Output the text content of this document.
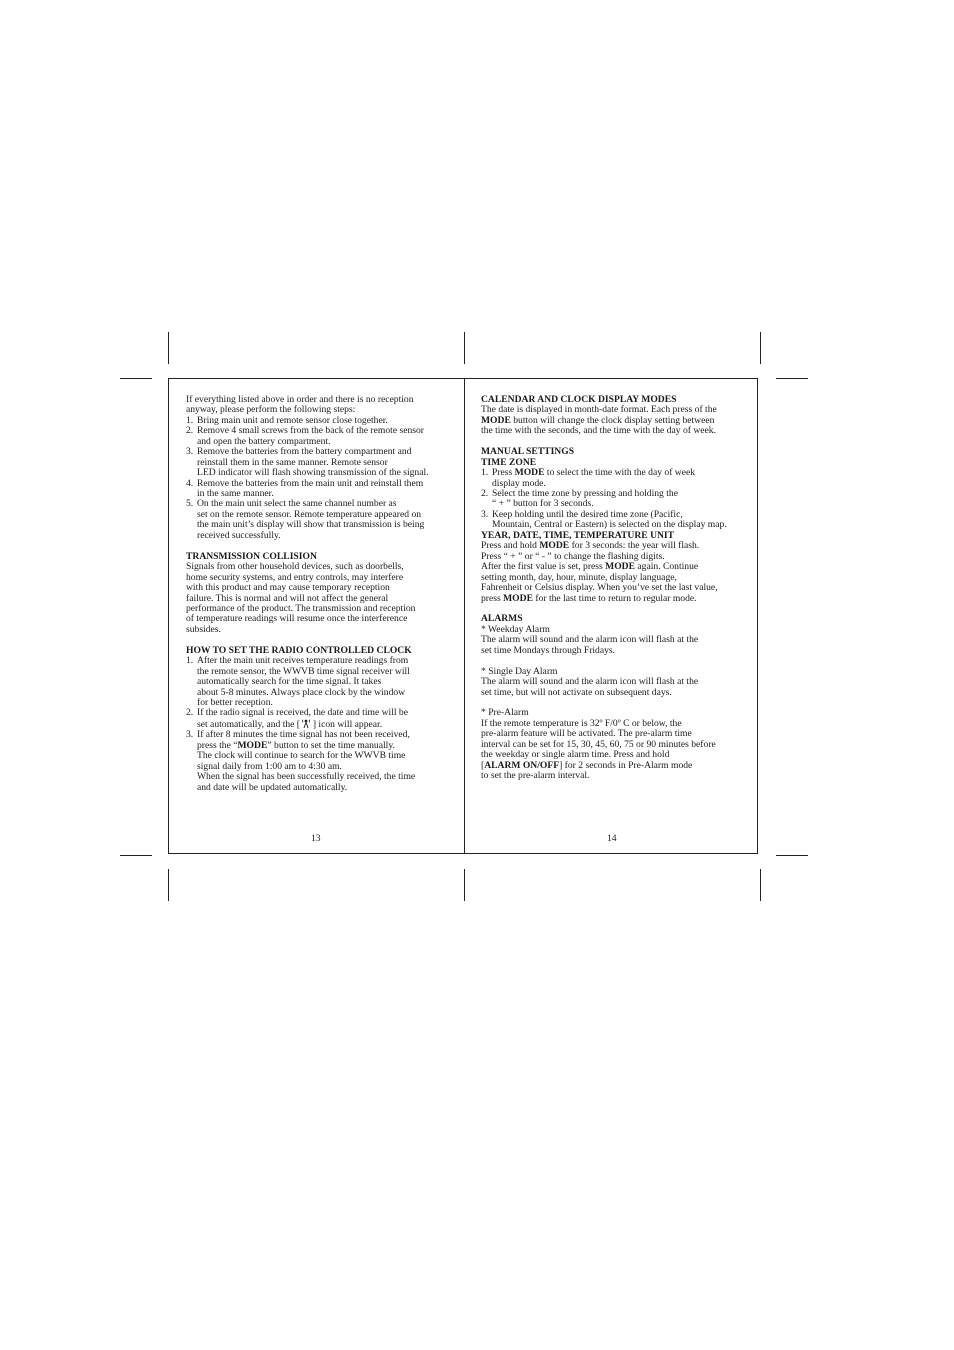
If everything listed above in order and there is no reception
anyway, please perform the following steps:
1. Bring main unit and remote sensor close together.
2. Remove 4 small screws from the back of the remote sensor
and open the battery compartment.
3. Remove the batteries from the battery compartment and
reinstall them in the same manner. Remote sensor
LED indicator will flash showing transmission of the signal.
4. Remove the batteries from the main unit and reinstall them
in the same manner.
5. On the main unit select the same channel number as
set on the remote sensor. Remote temperature appeared on
the main unit’s display will show that transmission is being
received successfully.
TRANSMISSION COLLISION
Signals from other household devices, such as doorbells,
home security systems, and entry controls, may interfere
with this product and may cause temporary reception
failure. This is normal and will not affect the general
performance of the product. The transmission and reception
of temperature readings will resume once the interference
subsides.
HOW TO SET THE RADIO CONTROLLED CLOCK
1. After the main unit receives temperature readings from
the remote sensor, the WWVB time signal receiver will
automatically search for the time signal. It takes
about 5-8 minutes. Always place clock by the window
for better reception.
2. If the radio signal is received, the date and time will be
set automatically, and the [ ] icon will appear.
3. If after 8 minutes the time signal has not been received,
press the “MODE” button to set the time manually.
The clock will continue to search for the WWVB time
signal daily from 1:00 am to 4:30 am.
When the signal has been successfully received, the time
and date will be updated automatically.
13
CALENDAR AND CLOCK DISPLAY MODES
The date is displayed in month-date format. Each press of the
MODE button will change the clock display setting between
the time with the seconds, and the time with the day of week.
MANUAL SETTINGS
TIME ZONE
1. Press MODE to select the time with the day of week
display mode.
2. Select the time zone by pressing and holding the
“ + ” button for 3 seconds.
3. Keep holding until the desired time zone (Pacific,
Mountain, Central or Eastern) is selected on the display map.
YEAR, DATE, TIME, TEMPERATURE UNIT
Press and hold MODE for 3 seconds: the year will flash.
Press “ + ” or “ - ” to change the flashing digits.
After the first value is set, press MODE again. Continue
setting month, day, hour, minute, display language,
Fahrenheit or Celsius display. When you’ve set the last value,
press MODE for the last time to return to regular mode.
ALARMS
* Weekday Alarm
The alarm will sound and the alarm icon will flash at the
set time Mondays through Fridays.
* Single Day Alarm
The alarm will sound and the alarm icon will flash at the
set time, but will not activate on subsequent days.
* Pre-Alarm
If the remote temperature is 32º F/0º C or below, the
pre-alarm feature will be activated. The pre-alarm time
interval can be set for 15, 30, 45, 60, 75 or 90 minutes before
the weekday or single alarm time. Press and hold
[ALARM ON/OFF] for 2 seconds in Pre-Alarm mode
to set the pre-alarm interval.
14
